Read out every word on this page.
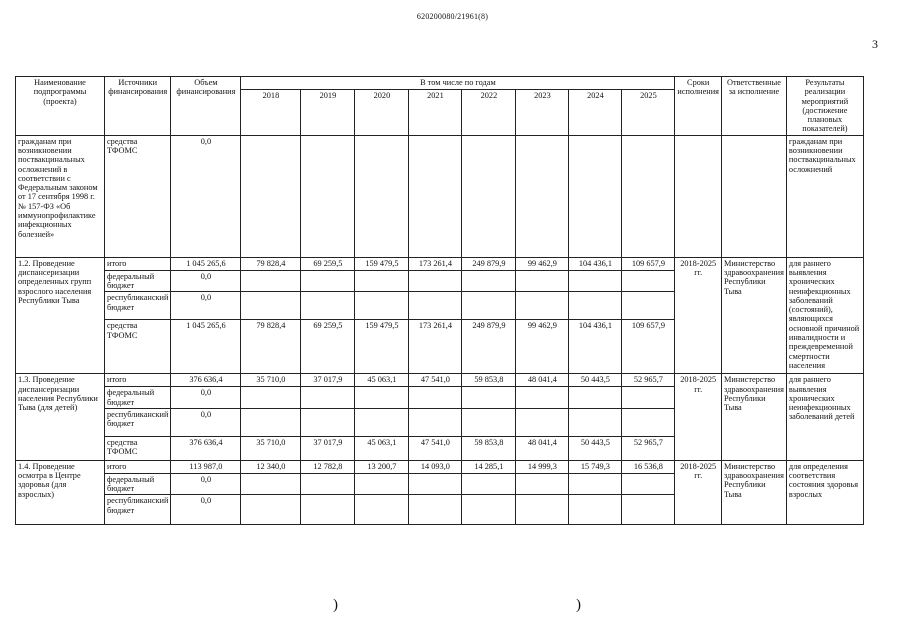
620200080/21961(8)
3
Наименование подпрограммы (проекта)	Источники финансирования	Объем финансирования	В том числе по годам								Сроки исполнения	Ответственные за исполнение	Результаты реализации мероприятий (достижение плановых показателей)
			2018	2019	2020	2021	2022	2023	2024	2025			
гражданам при возникновении поствакцинальных осложнений в соответствии с Федеральным законом от 17 сентября 1998 г. № 157-ФЗ «Об иммунопрофилактике инфекционных болезней»	средства ТФОМС	0,0											гражданам при возникновении поствакцинальных осложнений
1.2. Проведение диспансеризации определенных групп взрослого населения Республики Тыва	итого	1 045 265,6	79 828,4	69 259,5	159 479,5	173 261,4	249 879,9	99 462,9	104 436,1	109 657,9	2018-2025 гг.	Министерство здравоохранения Республики Тыва	для раннего выявления хронических неинфекционных заболеваний (состояний), являющихся основной причиной инвалидности и преждевременной смертности населения
	федеральный бюджет	0,0											
	республиканский бюджет	0,0											
	средства ТФОМС	1 045 265,6	79 828,4	69 259,5	159 479,5	173 261,4	249 879,9	99 462,9	104 436,1	109 657,9			
1.3. Проведение диспансеризации населения Республики Тыва (для детей)	итого	376 636,4	35 710,0	37 017,9	45 063,1	47 541,0	59 853,8	48 041,4	50 443,5	52 965,7	2018-2025 гг.	Министерство здравоохранения Республики Тыва	для раннего выявления хронических неинфекционных заболеваний детей
	федеральный бюджет	0,0											
	республиканский бюджет	0,0											
	средства ТФОМС	376 636,4	35 710,0	37 017,9	45 063,1	47 541,0	59 853,8	48 041,4	50 443,5	52 965,7			
1.4. Проведение осмотра в Центре здоровья (для взрослых)	итого	113 987,0	12 340,0	12 782,8	13 200,7	14 093,0	14 285,1	14 999,3	15 749,3	16 536,8	2018-2025 гг.	Министерство здравоохранения Республики Тыва	для определения соответствия состояния здоровья взрослых
	федеральный бюджет	0,0											
	республиканский бюджет	0,0											
)	)
